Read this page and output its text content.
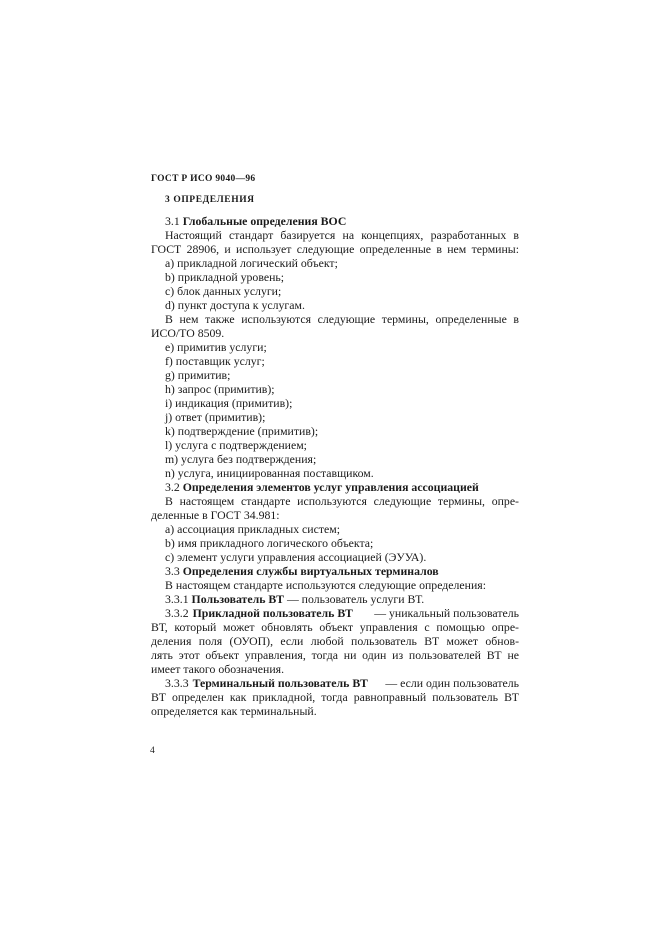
ГОСТ Р ИСО 9040—96
3 ОПРЕДЕЛЕНИЯ
3.1 Глобальные определения ВОС
Настоящий стандарт базируется на концепциях, разработанных в
ГОСТ 28906, и использует следующие определенные в нем термины:
a) прикладной логический объект;
b) прикладной уровень;
c) блок данных услуги;
d) пункт доступа к услугам.
В нем также используются следующие термины, определенные в
ИСО/ТО 8509.
e) примитив услуги;
f) поставщик услуг;
g) примитив;
h) запрос (примитив);
i) индикация (примитив);
j) ответ (примитив);
k) подтверждение (примитив);
l) услуга с подтверждением;
m) услуга без подтверждения;
n) услуга, инициированная поставщиком.
3.2 Определения элементов услуг управления ассоциацией
В настоящем стандарте используются следующие термины, опре-
деленные в ГОСТ 34.981:
a) ассоциация прикладных систем;
b) имя прикладного логического объекта;
c) элемент услуги управления ассоциацией (ЭУУА).
3.3 Определения службы виртуальных терминалов
В настоящем стандарте используются следующие определения:
3.3.1 Пользователь ВТ — пользователь услуги ВТ.
3.3.2 Прикладной пользователь ВТ — уникальный пользователь
ВТ, который может обновлять объект управления с помощью опре-
деления поля (ОУОП), если любой пользователь ВТ может обнов-
лять этот объект управления, тогда ни один из пользователей ВТ не
имеет такого обозначения.
3.3.3 Терминальный пользователь ВТ — если один пользователь
ВТ определен как прикладной, тогда равноправный пользователь ВТ
определяется как терминальный.
4
